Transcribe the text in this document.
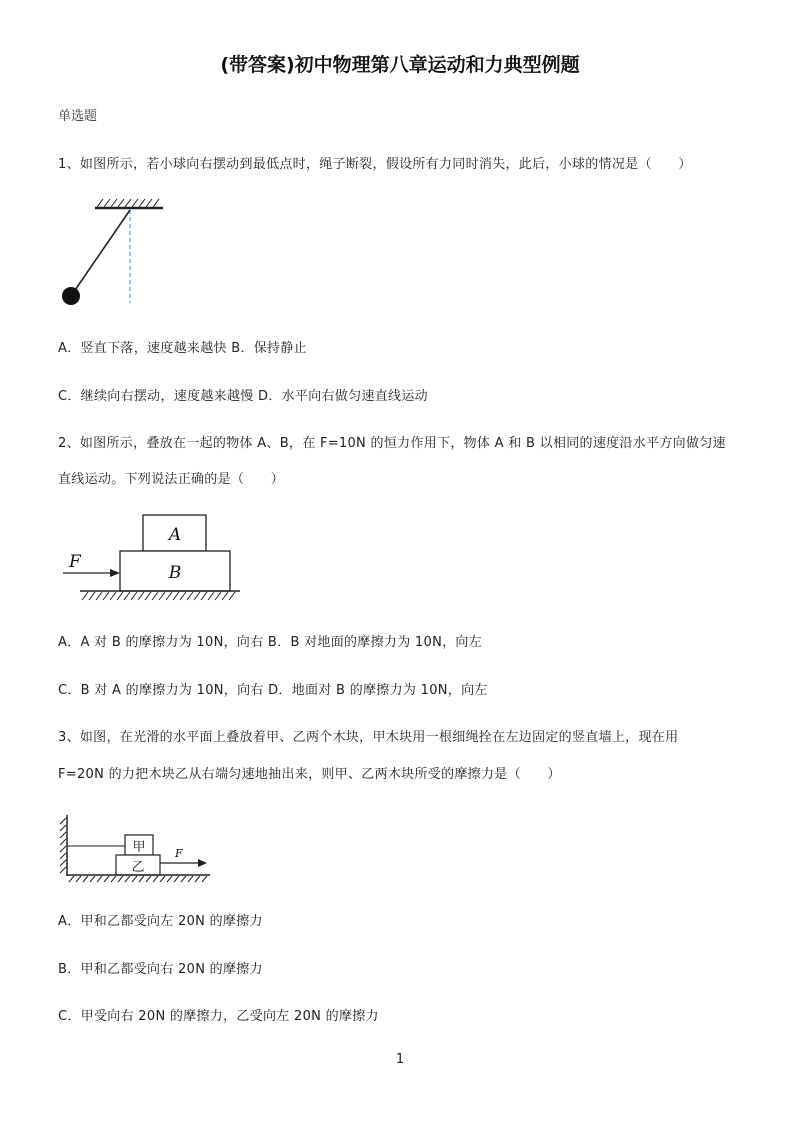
(带答案)初中物理第八章运动和力典型例题
单选题
1、如图所示，若小球向右摆动到最低点时，绳子断裂，假设所有力同时消失，此后，小球的情况是（　　）
A．竖直下落，速度越来越快 B．保持静止
C．继续向右摆动，速度越来越慢 D．水平向右做匀速直线运动
2、如图所示，叠放在一起的物体 A、B，在 F=10N 的恒力作用下，物体 A 和 B 以相同的速度沿水平方向做匀速
直线运动。下列说法正确的是（　　）
A
B
F
A．A 对 B 的摩擦力为 10N，向右 B．B 对地面的摩擦力为 10N，向左
C．B 对 A 的摩擦力为 10N，向右 D．地面对 B 的摩擦力为 10N，向左
3、如图，在光滑的水平面上叠放着甲、乙两个木块，甲木块用一根细绳拴在左边固定的竖直墙上，现在用
F=20N 的力把木块乙从右端匀速地抽出来，则甲、乙两木块所受的摩擦力是（　　）
甲
乙
F
A．甲和乙都受向左 20N 的摩擦力
B．甲和乙都受向右 20N 的摩擦力
C．甲受向右 20N 的摩擦力，乙受向左 20N 的摩擦力
1
